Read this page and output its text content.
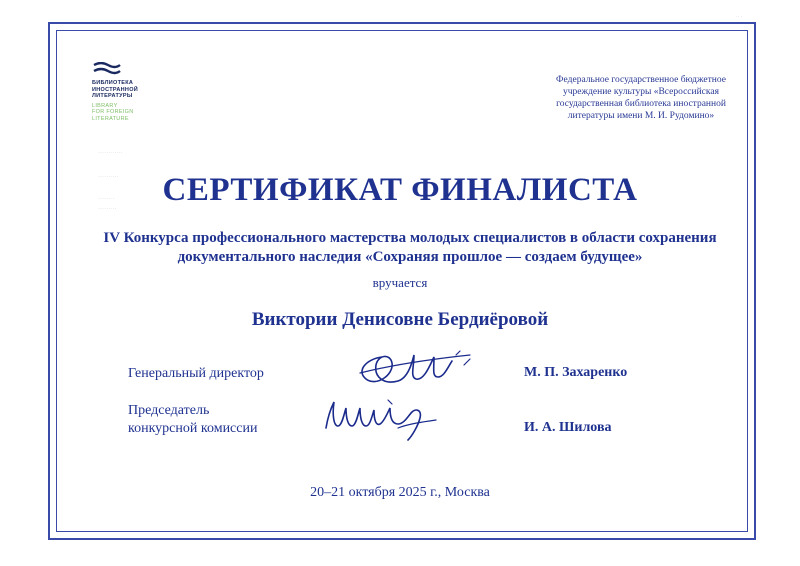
БИБЛИОТЕКА
ИНОСТРАННОЙ
ЛИТЕРАТУРЫ
LIBRARY
FOR FOREIGN
LITERATURE
············
··········
········
·········
·· ·
Федеральное государственное бюджетное учреждение культуры «Всероссийская государственная библиотека иностранной литературы имени М. И. Рудомино»
СЕРТИФИКАТ ФИНАЛИСТА
IV Конкурса профессионального мастерства молодых специалистов в области сохранения
документального наследия «Сохраняя прошлое — создаем будущее»
вручается
Виктории Денисовне Бердиёровой
Генеральный директор	М. П. Захаренко
Председатель
конкурсной комиссии	И. А. Шилова
20–21 октября 2025 г., Москва
